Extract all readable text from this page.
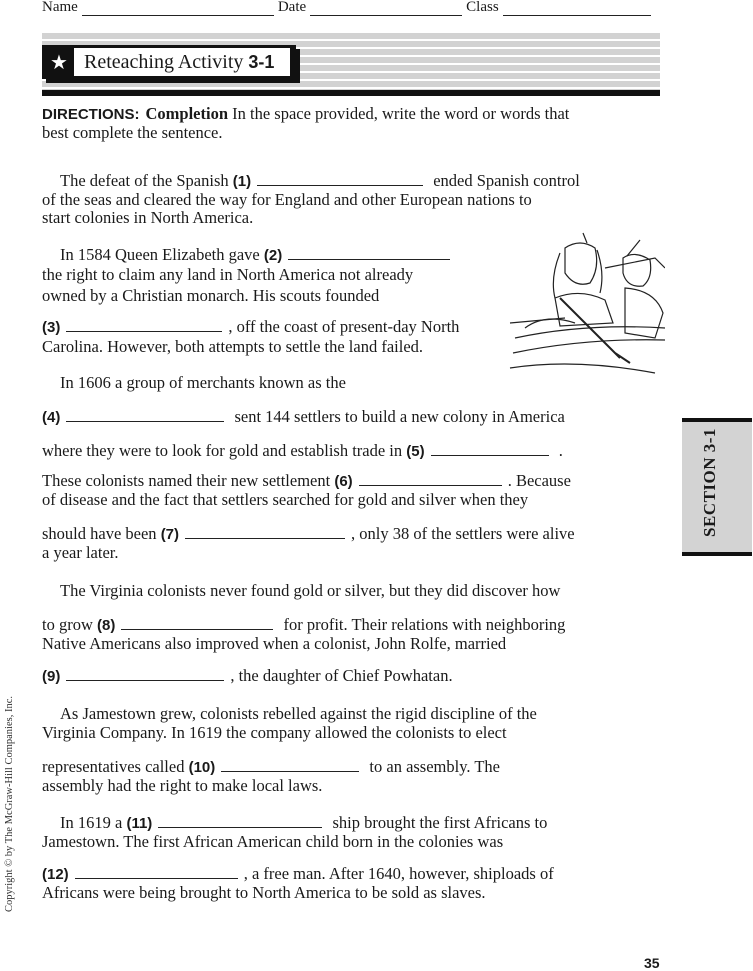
Name	Date	Class
★ Reteaching Activity 3-1
DIRECTIONS: Completion In the space provided, write the word or words that
best complete the sentence.
The defeat of the Spanish (1)	ended Spanish control
of the seas and cleared the way for England and other European nations to
start colonies in North America.
In 1584 Queen Elizabeth gave (2)
the right to claim any land in North America not already
owned by a Christian monarch. His scouts founded
(3)	, off the coast of present-day North
Carolina. However, both attempts to settle the land failed.
In 1606 a group of merchants known as the
(4)	sent 144 settlers to build a new colony in America
where they were to look for gold and establish trade in (5)	.
These colonists named their new settlement (6)	. Because
of disease and the fact that settlers searched for gold and silver when they
should have been (7)	, only 38 of the settlers were alive
a year later.
The Virginia colonists never found gold or silver, but they did discover how
to grow (8)	for profit. Their relations with neighboring
Native Americans also improved when a colonist, John Rolfe, married
(9)	, the daughter of Chief Powhatan.
As Jamestown grew, colonists rebelled against the rigid discipline of the
Virginia Company. In 1619 the company allowed the colonists to elect
representatives called (10)	to an assembly. The
assembly had the right to make local laws.
In 1619 a (11)	ship brought the first Africans to
Jamestown. The first African American child born in the colonies was
(12)	, a free man. After 1640, however, shiploads of
Africans were being brought to North America to be sold as slaves.
SECTION 3-1
Copyright © by The McGraw-Hill Companies, Inc.
35
